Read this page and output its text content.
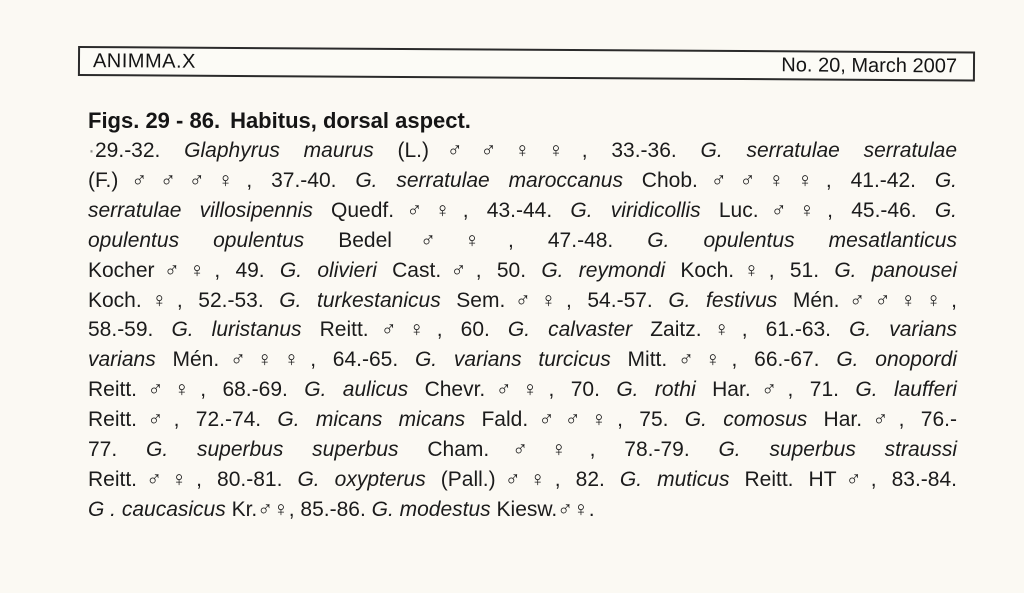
ANIMMA.X	No. 20, March 2007
Figs. 29 - 86. Habitus, dorsal aspect.
·29.-32. Glaphyrus maurus (L.)♂♂♀♀, 33.-36. G. serratulae serratulae
(F.)♂♂♂♀, 37.-40. G. serratulae maroccanus Chob.♂♂♀♀, 41.-42. G.
serratulae villosipennis Quedf.♂♀, 43.-44. G. viridicollis Luc.♂♀, 45.-46. G.
opulentus opulentus Bedel♂♀, 47.-48. G. opulentus mesatlanticus
Kocher♂♀, 49. G. olivieri Cast.♂, 50. G. reymondi Koch.♀, 51. G. panousei
Koch.♀, 52.-53. G. turkestanicus Sem.♂♀, 54.-57. G. festivus Mén.♂♂♀♀,
58.-59. G. luristanus Reitt.♂♀, 60. G. calvaster Zaitz.♀, 61.-63. G. varians
varians Mén.♂♀♀, 64.-65. G. varians turcicus Mitt.♂♀, 66.-67. G. onopordi
Reitt.♂♀, 68.-69. G. aulicus Chevr.♂♀, 70. G. rothi Har.♂, 71. G. laufferi
Reitt.♂, 72.-74. G. micans micans Fald.♂♂♀, 75. G. comosus Har.♂, 76.-
77. G. superbus superbus Cham.♂♀, 78.-79. G. superbus straussi
Reitt.♂♀, 80.-81. G. oxypterus (Pall.)♂♀, 82. G. muticus Reitt. HT♂, 83.-84.
G . caucasicus Kr.♂♀, 85.-86. G. modestus Kiesw.♂♀.
